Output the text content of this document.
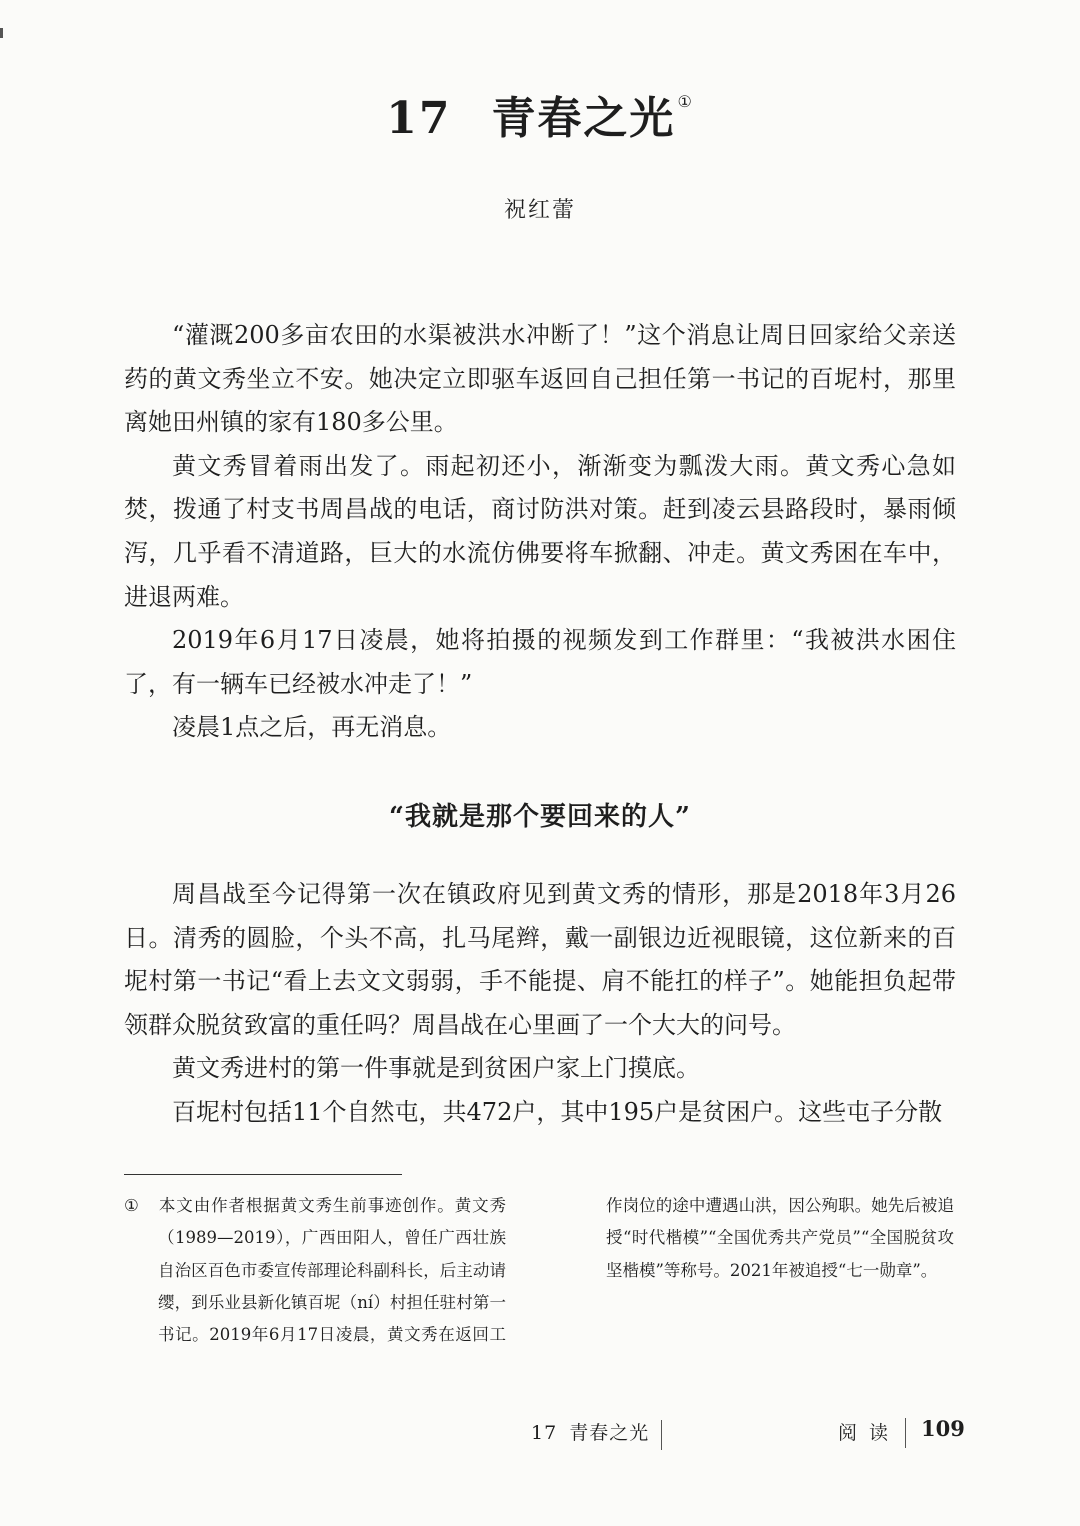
17 青春之光 ①
祝红蕾

“灌溉200多亩农田的水渠被洪水冲断了！”这个消息让周日回家给父亲送药的黄文秀坐立不安。她决定立即驱车返回自己担任第一书记的百坭村，那里离她田州镇的家有180多公里。

黄文秀冒着雨出发了。雨起初还小，渐渐变为瓢泼大雨。黄文秀心急如焚，拨通了村支书周昌战的电话，商讨防洪对策。赶到凌云县路段时，暴雨倾泻，几乎看不清道路，巨大的水流仿佛要将车掀翻、冲走。黄文秀困在车中，进退两难。

2019年6月17日凌晨，她将拍摄的视频发到工作群里：“我被洪水困住了，有一辆车已经被水冲走了！”

凌晨1点之后，再无消息。

“我就是那个要回来的人”

周昌战至今记得第一次在镇政府见到黄文秀的情形，那是2018年3月26日。清秀的圆脸，个头不高，扎马尾辫，戴一副银边近视眼镜，这位新来的百坭村第一书记“看上去文文弱弱，手不能提、肩不能扛的样子”。她能担负起带领群众脱贫致富的重任吗？周昌战在心里画了一个大大的问号。

黄文秀进村的第一件事就是到贫困户家上门摸底。

百坭村包括11个自然屯，共472户，其中195户是贫困户。这些屯子分散

① 本文由作者根据黄文秀生前事迹创作。黄文秀（1989—2019），广西田阳人，曾任广西壮族自治区百色市委宣传部理论科副科长，后主动请缨，到乐业县新化镇百坭（ní）村担任驻村第一书记。2019年6月17日凌晨，黄文秀在返回工作岗位的途中遭遇山洪，因公殉职。她先后被追授“时代楷模”“全国优秀共产党员”“全国脱贫攻坚楷模”等称号。2021年被追授“七一勋章”。
17 青春之光	阅读 109
